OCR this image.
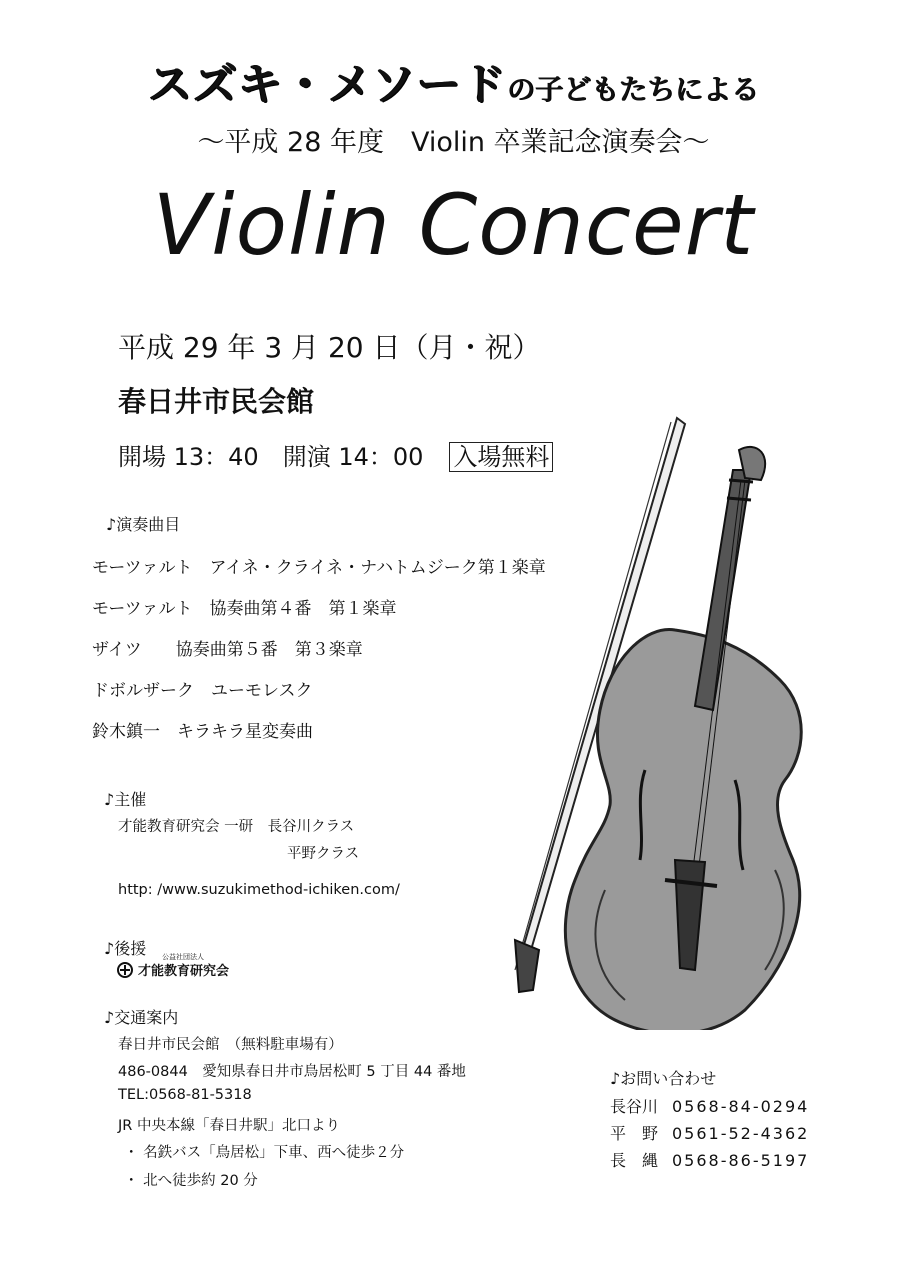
スズキ・メソードの子どもたちによる
〜平成 28 年度　Violin 卒業記念演奏会〜
Violin Concert
平成 29 年 3 月 20 日（月・祝）
春日井市民会館
開場 13：40　開演 14：00 入場無料
♪演奏曲目
モーツァルト　アイネ・クライネ・ナハトムジーク第１楽章
モーツァルト　協奏曲第４番　第１楽章
ザイツ　　協奏曲第５番　第３楽章
ドボルザーク　ユーモレスク
鈴木鎮一　キラキラ星変奏曲
♪主催
才能教育研究会 一研　長谷川クラス
平野クラス
http: /www.suzukimethod-ichiken.com/
♪後援 公益社団法人
才能教育研究会
♪交通案内
春日井市民会館　（無料駐車場有）
486-0844　愛知県春日井市鳥居松町 5 丁目 44 番地
TEL:0568-81-5318
JR 中央本線「春日井駅」北口より
・ 名鉄バス「鳥居松」下車、西へ徒歩２分
・ 北へ徒歩約 20 分
♪お問い合わせ
長谷川 0568-84-0294
平　野 0561-52-4362
長　縄 0568-86-5197
